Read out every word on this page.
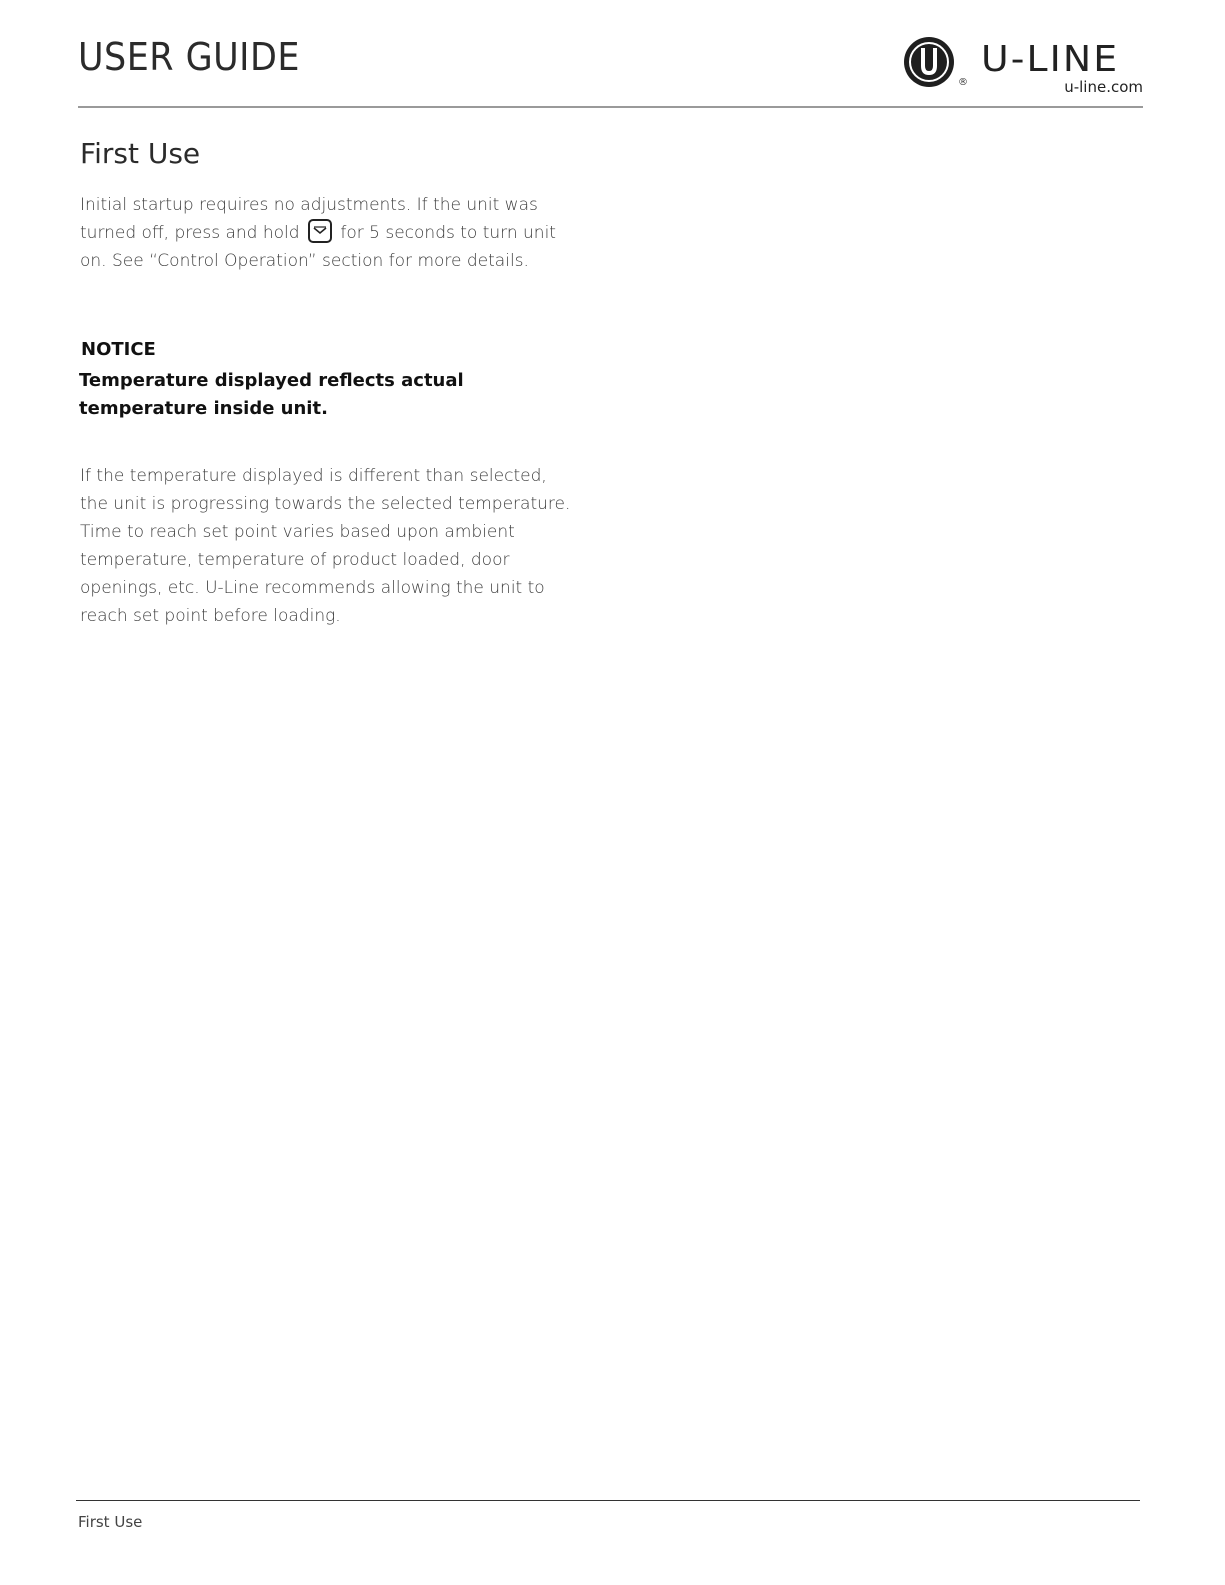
USER GUIDE
®
U-LINE
u-line.com
First Use

Initial startup requires no adjustments. If the unit was turned off, press and hold
for 5 seconds to turn unit on. See “Control Operation” section for more details.

NOTICE

Temperature displayed reflects actual temperature inside unit.

If the temperature displayed is different than selected, the unit is progressing towards the selected temperature. Time to reach set point varies based upon ambient temperature, temperature of product loaded, door openings, etc. U-Line recommends allowing the unit to reach set point before loading.

First Use
